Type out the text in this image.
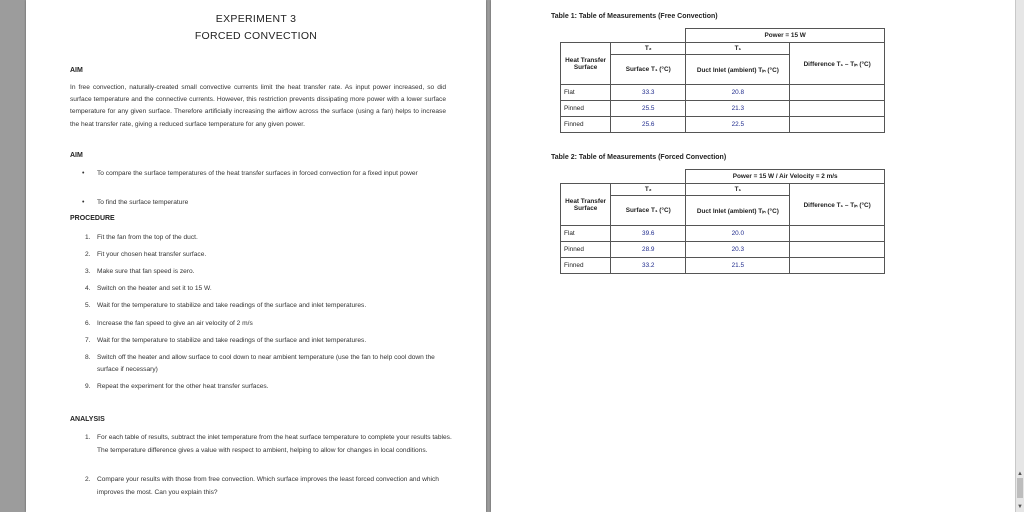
EXPERIMENT 3
FORCED CONVECTION
AIM
In free convection, naturally-created small convective currents limit the heat transfer rate. As input power increased, so did surface temperature and the connective currents. However, this restriction prevents dissipating more power with a lower surface temperature for any given surface. Therefore artificially increasing the airflow across the surface (using a fan) helps to increase the heat transfer rate, giving a reduced surface temperature for any given power.
AIM
• To compare the surface temperatures of the heat transfer surfaces in forced convection for a fixed input power
• To find the surface temperature
PROCEDURE
1. Fit the fan from the top of the duct.
2. Fit your chosen heat transfer surface.
3. Make sure that fan speed is zero.
4. Switch on the heater and set it to 15 W.
5. Wait for the temperature to stabilize and take readings of the surface and inlet temperatures.
6. Increase the fan speed to give an air velocity of 2 m/s
7. Wait for the temperature to stabilize and take readings of the surface and inlet temperatures.
8. Switch off the heater and allow surface to cool down to near ambient temperature (use the fan to help cool down the surface if necessary)
9. Repeat the experiment for the other heat transfer surfaces.
ANALYSIS
1. For each table of results, subtract the inlet temperature from the heat surface temperature to complete your results tables. The temperature difference gives a value with respect to ambient, helping to allow for changes in local conditions.
2. Compare your results with those from free convection. Which surface improves the least forced convection and which improves the most. Can you explain this?
Table 1: Table of Measurements (Free Convection)
		Power = 15 W	
Heat Transfer Surface	T₂	T₁	Difference T₁ – Tᵢₙ (°C)
	Surface T₁ (°C)	Duct Inlet (ambient) Tᵢₙ (°C)	
Flat	33.3	20.8	
Pinned	25.5	21.3	
Finned	25.6	22.5	
Table 2: Table of Measurements (Forced Convection)
		Power = 15 W / Air Velocity = 2 m/s	
Heat Transfer Surface	T₂	T₁	Difference T₁ – Tᵢₙ (°C)
	Surface T₁ (°C)	Duct Inlet (ambient) Tᵢₙ (°C)	
Flat	39.6	20.0	
Pinned	28.9	20.3	
Finned	33.2	21.5	
▲
▼
